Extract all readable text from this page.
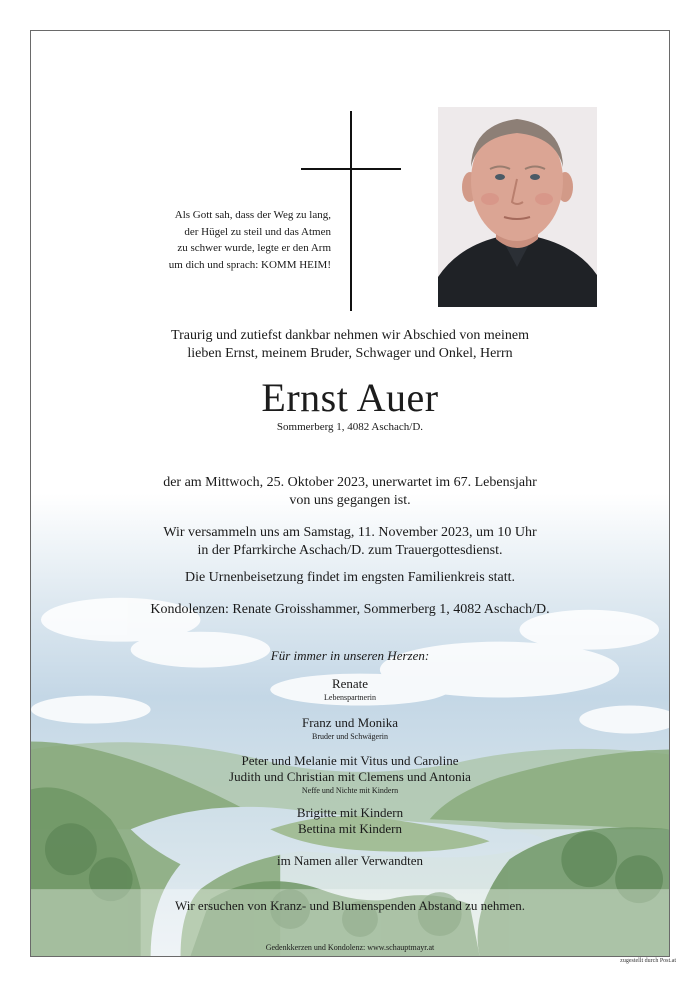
Als Gott sah, dass der Weg zu lang,
der Hügel zu steil und das Atmen
zu schwer wurde, legte er den Arm
um dich und sprach: KOMM HEIM!
Traurig und zutiefst dankbar nehmen wir Abschied von meinem
lieben Ernst, meinem Bruder, Schwager und Onkel, Herrn
Ernst Auer
Sommerberg 1, 4082 Aschach/D.
der am Mittwoch, 25. Oktober 2023, unerwartet im 67. Lebensjahr
von uns gegangen ist.
Wir versammeln uns am Samstag, 11. November 2023, um 10 Uhr
in der Pfarrkirche Aschach/D. zum Trauergottesdienst.
Die Urnenbeisetzung findet im engsten Familienkreis statt.
Kondolenzen: Renate Groisshammer, Sommerberg 1, 4082 Aschach/D.
Für immer in unseren Herzen:
Renate
Lebenspartnerin
Franz und Monika
Bruder und Schwägerin
Peter und Melanie mit Vitus und Caroline
Judith und Christian mit Clemens und Antonia
Neffe und Nichte mit Kindern
Brigitte mit Kindern
Bettina mit Kindern
im Namen aller Verwandten
Wir ersuchen von Kranz- und Blumenspenden Abstand zu nehmen.
Gedenkkerzen und Kondolenz: www.schauptmayr.at
zugestellt durch Post.at
